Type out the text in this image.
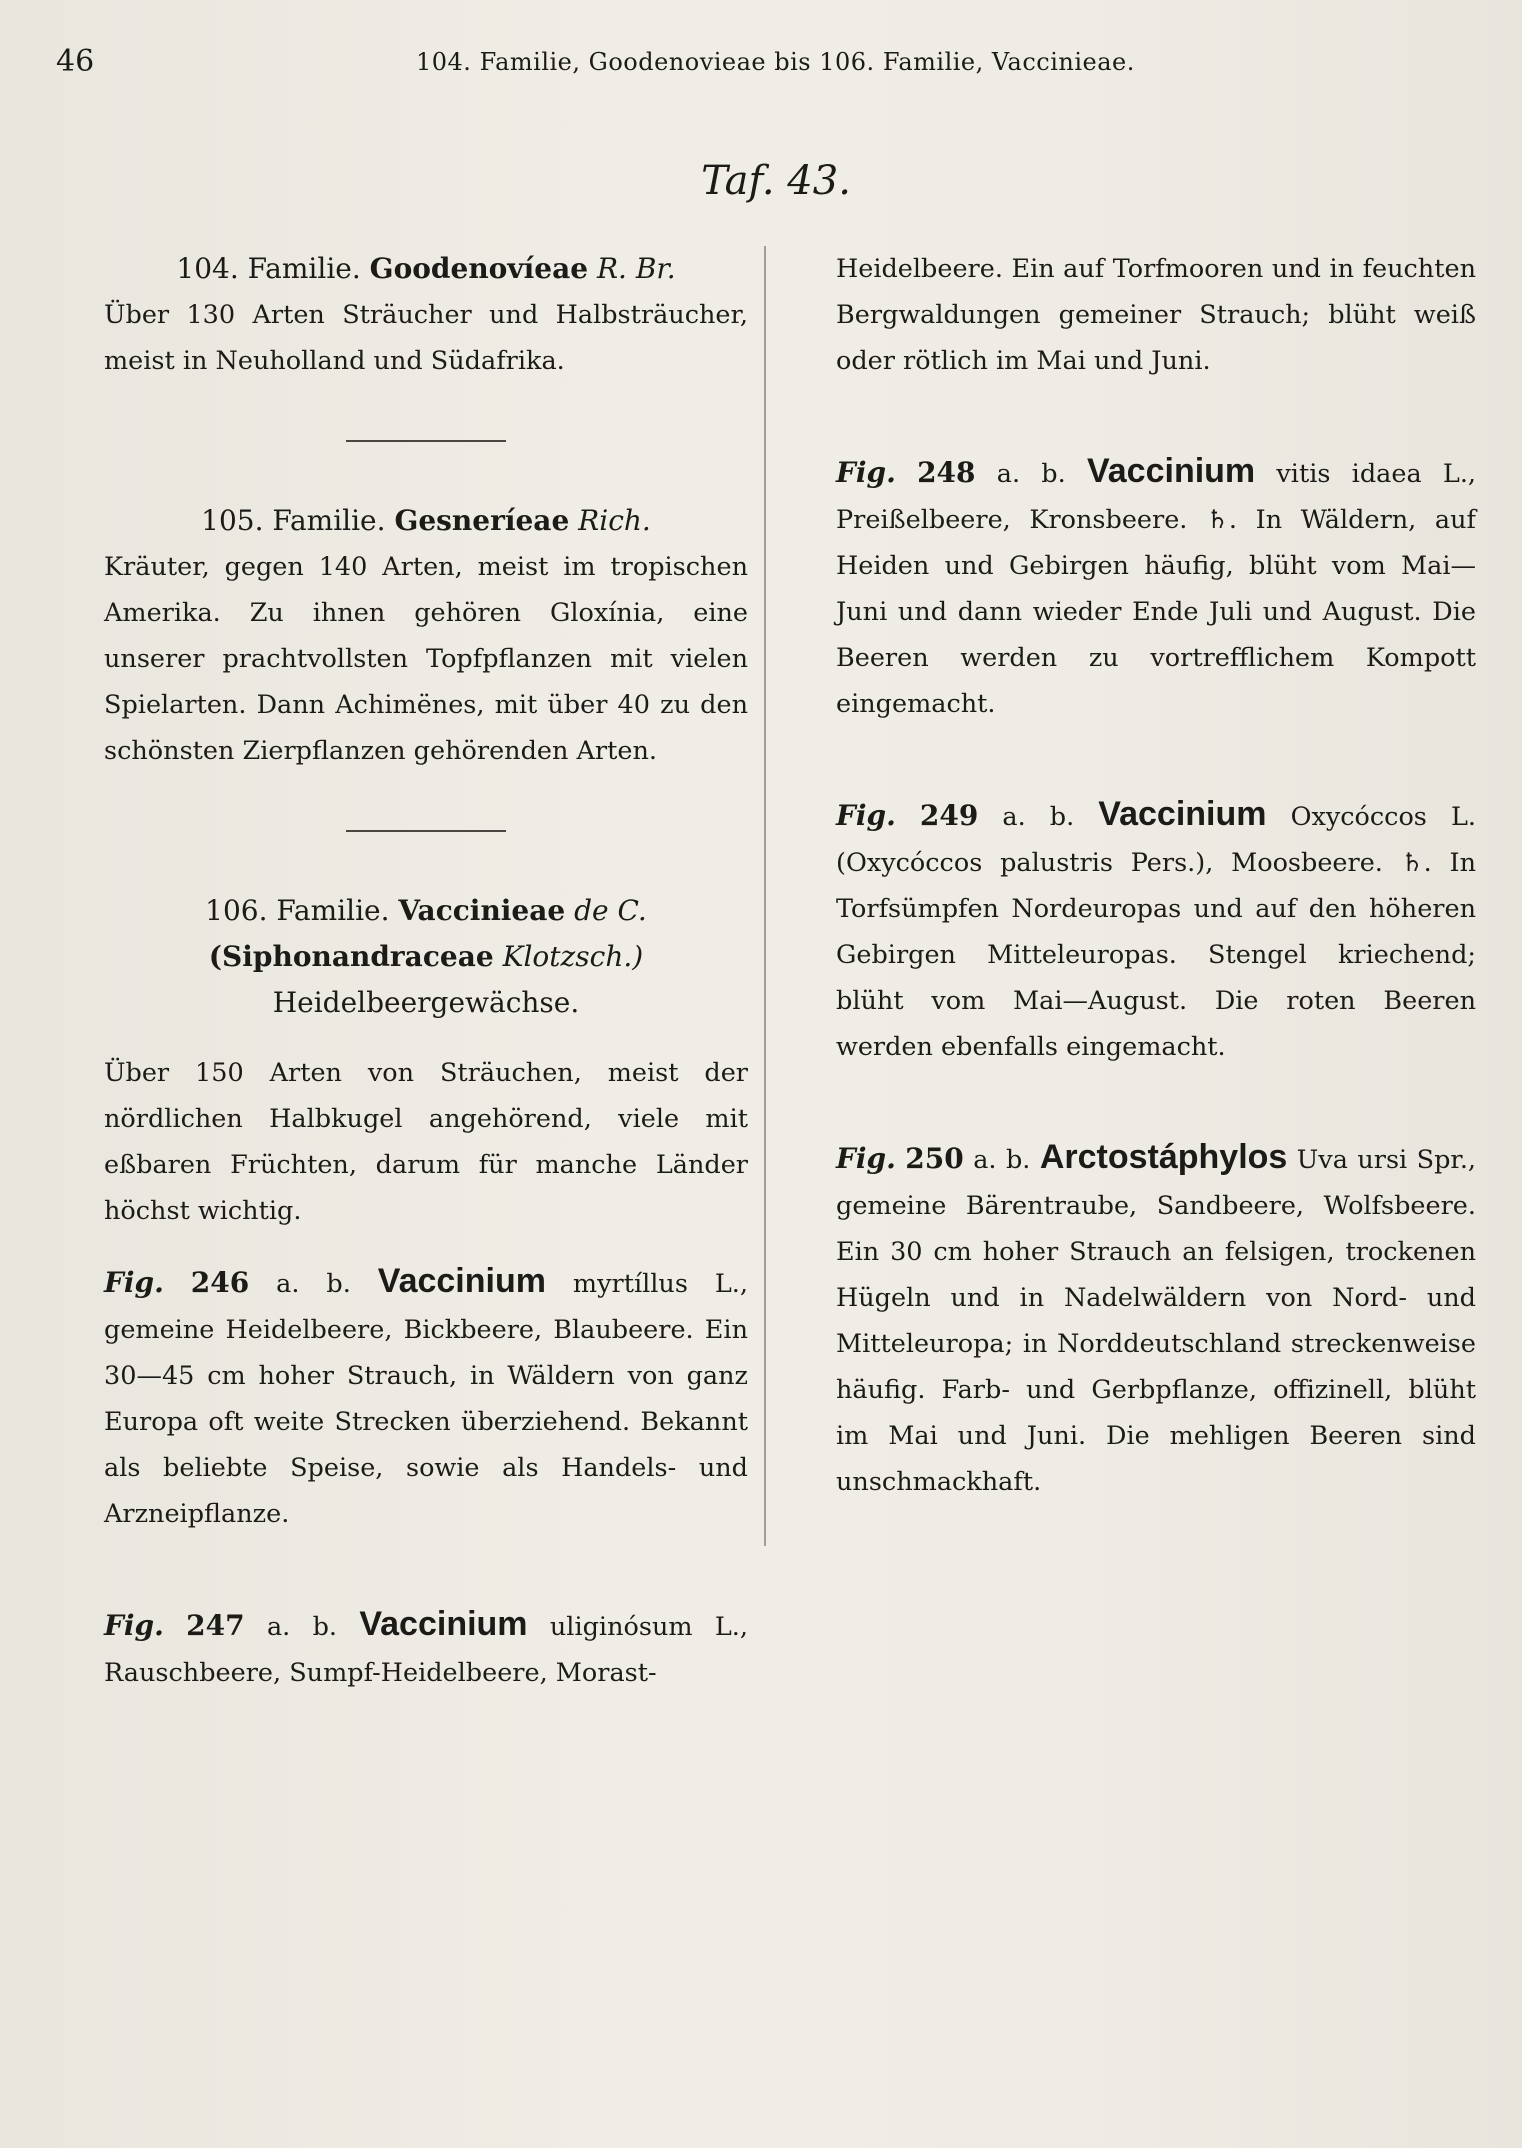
46	104. Familie, Goodenovieae bis 106. Familie, Vaccinieae.
Taf. 43.

104. Familie. Goodenovíeae R. Br.

Über 130 Arten Sträucher und Halbsträucher, meist in Neuholland und Südafrika.

105. Familie. Gesneríeae Rich.

Kräuter, gegen 140 Arten, meist im tropischen Amerika. Zu ihnen gehören Gloxínia, eine unserer prachtvollsten Topfpflanzen mit vielen Spielarten. Dann Achimënes, mit über 40 zu den schönsten Zierpflanzen gehörenden Arten.

106. Familie. Vaccinieae de C. (Siphonandraceae Klotzsch.) Heidelbeergewächse.

Über 150 Arten von Sträuchen, meist der nördlichen Halbkugel angehörend, viele mit eßbaren Früchten, darum für manche Länder höchst wichtig.

Fig. 246 a. b. Vaccinium myrtíllus L., gemeine Heidelbeere, Bickbeere, Blaubeere. Ein 30—45 cm hoher Strauch, in Wäldern von ganz Europa oft weite Strecken überziehend. Bekannt als beliebte Speise, sowie als Handels- und Arzneipflanze.

Fig. 247 a. b. Vaccinium uliginósum L., Rauschbeere, Sumpf-Heidelbeere, Morast-

Heidelbeere. Ein auf Torfmooren und in feuchten Bergwaldungen gemeiner Strauch; blüht weiß oder rötlich im Mai und Juni.

Fig. 248 a. b. Vaccinium vitis idaea L., Preißelbeere, Kronsbeere. ♄. In Wäldern, auf Heiden und Gebirgen häufig, blüht vom Mai—Juni und dann wieder Ende Juli und August. Die Beeren werden zu vortrefflichem Kompott eingemacht.

Fig. 249 a. b. Vaccinium Oxycóccos L. (Oxycóccos palustris Pers.), Moosbeere. ♄. In Torfsümpfen Nordeuropas und auf den höheren Gebirgen Mitteleuropas. Stengel kriechend; blüht vom Mai—August. Die roten Beeren werden ebenfalls eingemacht.

Fig. 250 a. b. Arctostáphylos Uva ursi Spr., gemeine Bärentraube, Sandbeere, Wolfsbeere. Ein 30 cm hoher Strauch an felsigen, trockenen Hügeln und in Nadelwäldern von Nord- und Mitteleuropa; in Norddeutschland streckenweise häufig. Farb- und Gerbpflanze, offizinell, blüht im Mai und Juni. Die mehligen Beeren sind unschmackhaft.
